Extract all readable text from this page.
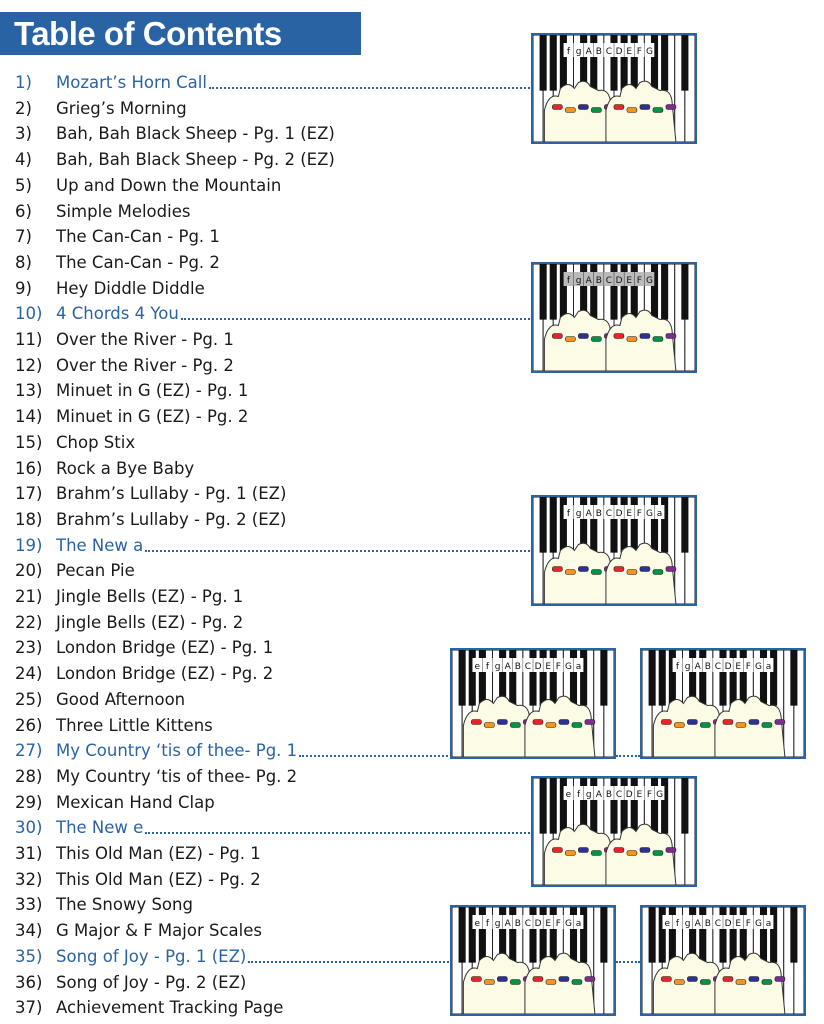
Table of Contents
1)	Mozart’s Horn Call
2)	Grieg’s Morning
3)	Bah, Bah Black Sheep - Pg. 1 (EZ)
4)	Bah, Bah Black Sheep - Pg. 2 (EZ)
5)	Up and Down the Mountain
6)	Simple Melodies
7)	The Can-Can - Pg. 1
8)	The Can-Can - Pg. 2
9)	Hey Diddle Diddle
10) 4 Chords 4 You
11) Over the River - Pg. 1
12) Over the River - Pg. 2
13) Minuet in G (EZ) - Pg. 1
14) Minuet in G (EZ) - Pg. 2
15) Chop Stix
16) Rock a Bye Baby
17) Brahm’s Lullaby - Pg. 1 (EZ)
18) Brahm’s Lullaby - Pg. 2 (EZ)
19) The New a
20) Pecan Pie
21) Jingle Bells (EZ) - Pg. 1
22) Jingle Bells (EZ) - Pg. 2
23) London Bridge (EZ) - Pg. 1
24) London Bridge (EZ) - Pg. 2
25) Good Afternoon
26) Three Little Kittens
27) My Country ‘tis of thee- Pg. 1
28) My Country ‘tis of thee- Pg. 2
29) Mexican Hand Clap
30) The New e
31) This Old Man (EZ) - Pg. 1
32) This Old Man (EZ) - Pg. 2
33) The Snowy Song
34) G Major & F Major Scales
35) Song of Joy - Pg. 1 (EZ)
36) Song of Joy - Pg. 2 (EZ)
37) Achievement Tracking Page
f g A B C D E F G
f g A B C D E F G
f g A B C D E F G a
e f g A B C D E F G a	f g A B C D E F G a
e f g A B C D E F G
e f g A B C D E F G a	e f g A B C D E F G a
